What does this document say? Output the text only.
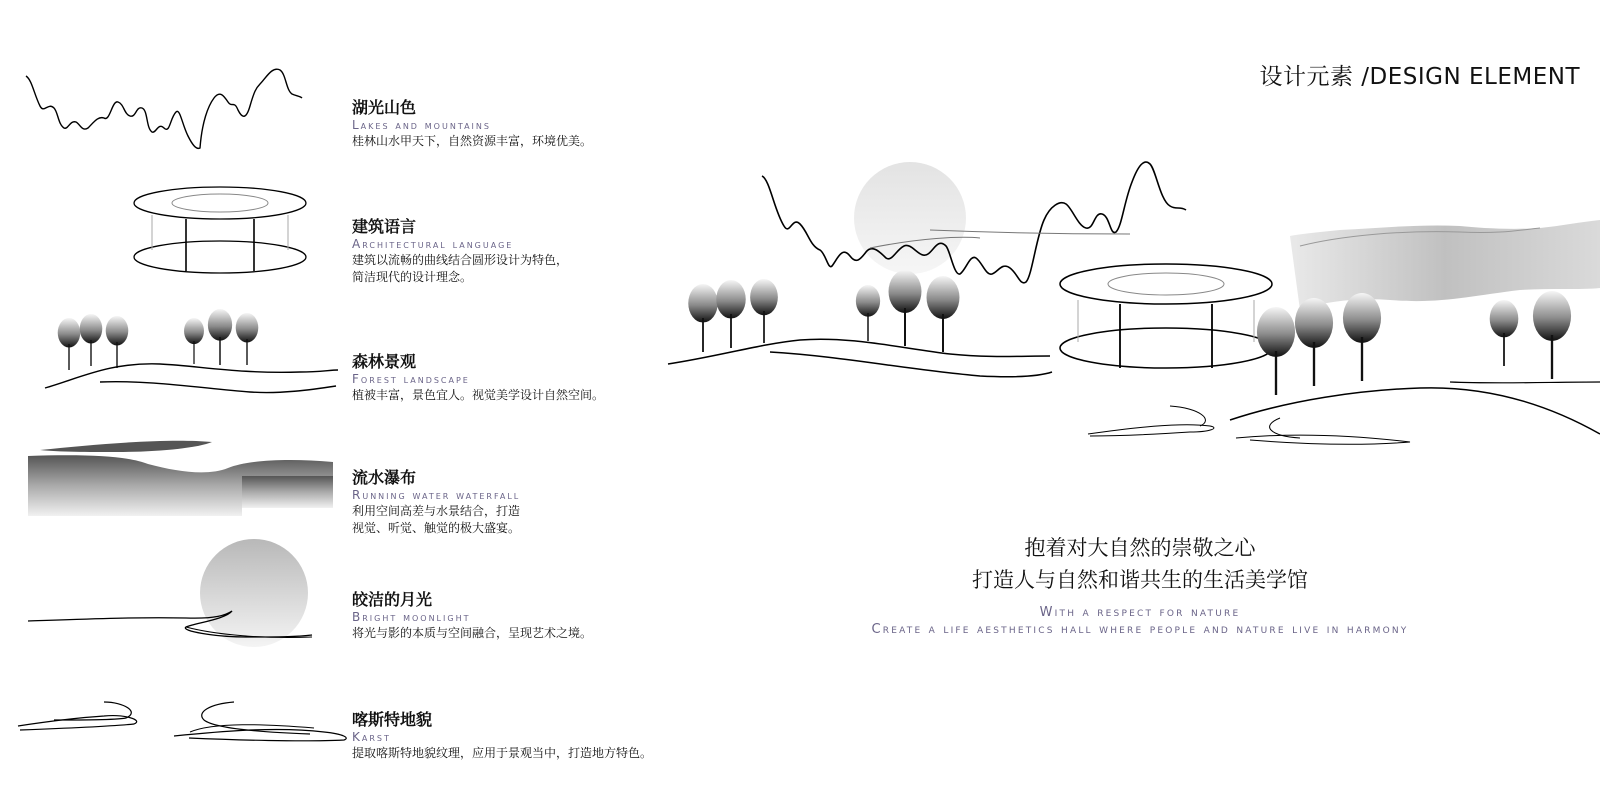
设计元素 /DESIGN ELEMENT
湖光山色
Lakes and mountains
桂林山水甲天下，自然资源丰富，环境优美。
建筑语言
Architectural language
建筑以流畅的曲线结合圆形设计为特色，
简洁现代的设计理念。
森林景观
Forest landscape
植被丰富，景色宜人。视觉美学设计自然空间。
流水瀑布
Running water waterfall
利用空间高差与水景结合，打造
视觉、听觉、触觉的极大盛宴。
皎洁的月光
Bright moonlight
将光与影的本质与空间融合，呈现艺术之境。
喀斯特地貌
Karst
提取喀斯特地貌纹理，应用于景观当中，打造地方特色。
抱着对大自然的崇敬之心
打造人与自然和谐共生的生活美学馆
With a respect for nature
Create a life aesthetics hall where people and nature live in harmony
